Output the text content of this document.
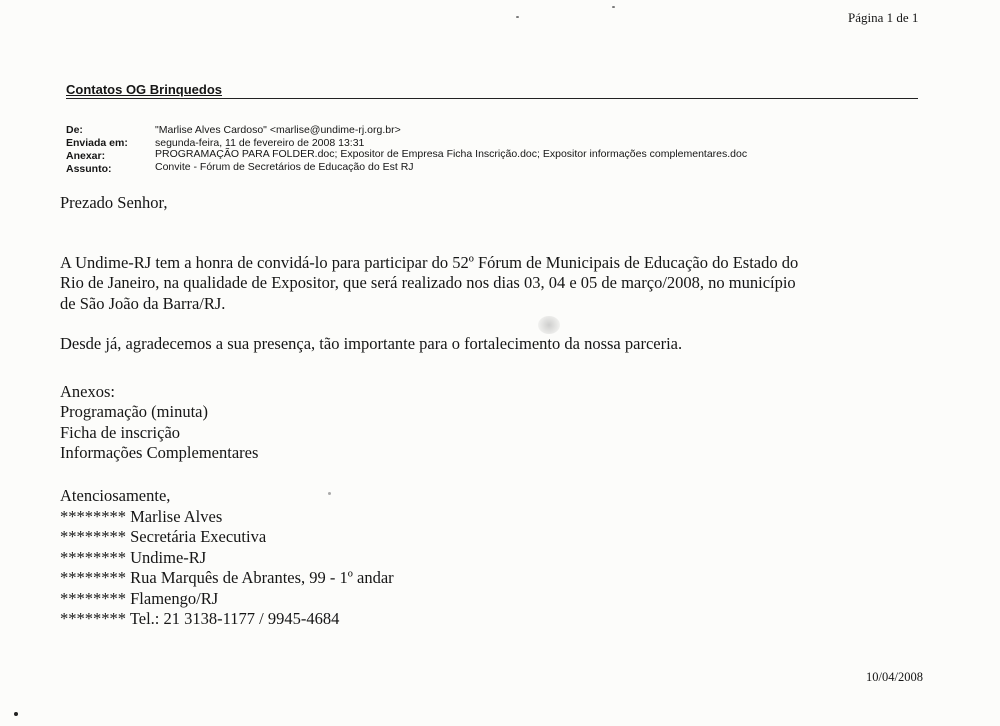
Página 1 de 1
Contatos OG Brinquedos
De:	"Marlise Alves Cardoso" <marlise@undime-rj.org.br>
Enviada em:	segunda-feira, 11 de fevereiro de 2008 13:31
Anexar:	PROGRAMAÇÃO PARA FOLDER.doc; Expositor de Empresa Ficha Inscrição.doc; Expositor informações complementares.doc
Assunto:	Convite - Fórum de Secretários de Educação do Est RJ
Prezado Senhor,
A Undime-RJ tem a honra de convidá-lo para participar do 52º Fórum de Municipais de Educação do Estado do
Rio de Janeiro, na qualidade de Expositor, que será realizado nos dias 03, 04 e 05 de março/2008, no município
de São João da Barra/RJ.
Desde já, agradecemos a sua presença, tão importante para o fortalecimento da nossa parceria.
Anexos:
Programação (minuta)
Ficha de inscrição
Informações Complementares
Atenciosamente,
******** Marlise Alves
******** Secretária Executiva
******** Undime-RJ
******** Rua Marquês de Abrantes, 99 - 1º andar
******** Flamengo/RJ
******** Tel.: 21 3138-1177 / 9945-4684
10/04/2008
